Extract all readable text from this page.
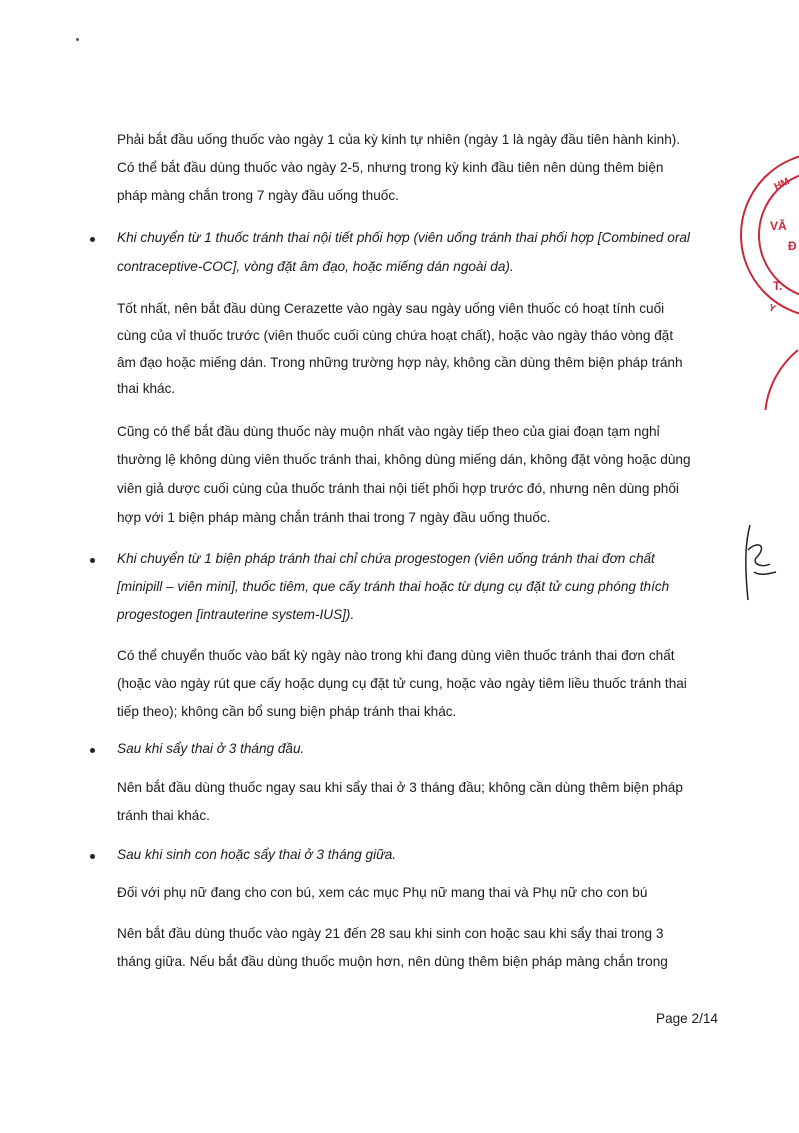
HM
VĂ
Đ
T.
Y

Phải bắt đầu uống thuốc vào ngày 1 của kỳ kinh tự nhiên (ngày 1 là ngày đầu tiên hành kinh).

Có thể bắt đầu dùng thuốc vào ngày 2-5, nhưng trong kỳ kinh đầu tiên nên dùng thêm biện

pháp màng chắn trong 7 ngày đầu uống thuốc.

Khi chuyển từ 1 thuốc tránh thai nội tiết phối hợp (viên uống tránh thai phối hợp [Combined oral

contraceptive-COC], vòng đặt âm đạo, hoặc miếng dán ngoài da).

Tốt nhất, nên bắt đầu dùng Cerazette vào ngày sau ngày uống viên thuốc có hoạt tính cuối

cùng của vỉ thuốc trước (viên thuốc cuối cùng chứa hoạt chất), hoặc vào ngày tháo vòng đặt

âm đạo hoặc miếng dán. Trong những trường hợp này, không cần dùng thêm biện pháp tránh

thai khác.

Cũng có thể bắt đầu dùng thuốc này muộn nhất vào ngày tiếp theo của giai đoạn tạm nghỉ

thường lệ không dùng viên thuốc tránh thai, không dùng miếng dán, không đặt vòng hoặc dùng

viên giả dược cuối cùng của thuốc tránh thai nội tiết phối hợp trước đó, nhưng nên dùng phối

hợp với 1 biện pháp màng chắn tránh thai trong 7 ngày đầu uống thuốc.

Khi chuyển từ 1 biện pháp tránh thai chỉ chứa progestogen (viên uống tránh thai đơn chất

[minipill – viên mini], thuốc tiêm, que cấy tránh thai hoặc từ dụng cụ đặt tử cung phóng thích

progestogen [intrauterine system-IUS]).

Có thể chuyển thuốc vào bất kỳ ngày nào trong khi đang dùng viên thuốc tránh thai đơn chất

(hoặc vào ngày rút que cấy hoặc dụng cụ đặt tử cung, hoặc vào ngày tiêm liều thuốc tránh thai

tiếp theo); không cần bổ sung biện pháp tránh thai khác.

Sau khi sẩy thai ở 3 tháng đầu.

Nên bắt đầu dùng thuốc ngay sau khi sẩy thai ở 3 tháng đầu; không cần dùng thêm biện pháp

tránh thai khác.

Sau khi sinh con hoặc sẩy thai ở 3 tháng giữa.

Đối với phụ nữ đang cho con bú, xem các mục Phụ nữ mang thai và Phụ nữ cho con bú

Nên bắt đầu dùng thuốc vào ngày 21 đến 28 sau khi sinh con hoặc sau khi sẩy thai trong 3

tháng giữa. Nếu bắt đầu dùng thuốc muộn hơn, nên dùng thêm biện pháp màng chắn trong

Page 2/14
